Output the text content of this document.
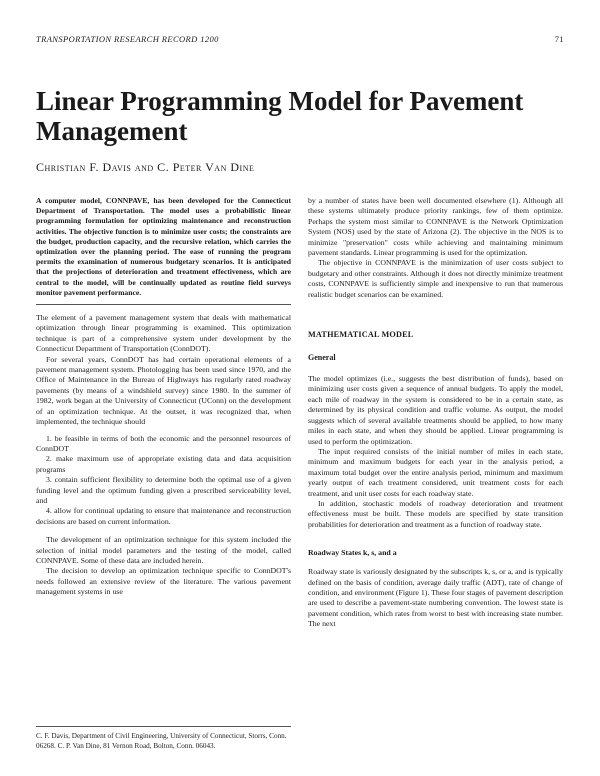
TRANSPORTATION RESEARCH RECORD 1200	71
Linear Programming Model for Pavement Management
Christian F. Davis and C. Peter Van Dine

A computer model, CONNPAVE, has been developed for the Connecticut Department of Transportation. The model uses a probabilistic linear programming formulation for optimizing maintenance and reconstruction activities. The objective function is to minimize user costs; the constraints are the budget, production capacity, and the recursive relation, which carries the optimization over the planning period. The ease of running the program permits the examination of numerous budgetary scenarios. It is anticipated that the projections of deterioration and treatment effectiveness, which are central to the model, will be continually updated as routine field surveys monitor pavement performance.

The element of a pavement management system that deals with mathematical optimization through linear programming is examined. This optimization technique is part of a comprehensive system under development by the Connecticut Department of Transportation (ConnDOT).

For several years, ConnDOT has had certain operational elements of a pavement management system. Photologging has been used since 1970, and the Office of Maintenance in the Bureau of Highways has regularly rated roadway pavements (by means of a windshield survey) since 1980. In the summer of 1982, work began at the University of Connecticut (UConn) on the development of an optimization technique. At the outset, it was recognized that, when implemented, the technique should

1. be feasible in terms of both the economic and the personnel resources of ConnDOT
2. make maximum use of appropriate existing data and data acquisition programs
3. contain sufficient flexibility to determine both the optimal use of a given funding level and the optimum funding given a prescribed serviceability level, and
4. allow for continual updating to ensure that maintenance and reconstruction decisions are based on current information.

The development of an optimization technique for this system included the selection of initial model parameters and the testing of the model, called CONNPAVE. Some of these data are included herein.

The decision to develop an optimization technique specific to ConnDOT's needs followed an extensive review of the literature. The various pavement management systems in use

C. F. Davis, Department of Civil Engineering, University of Connecticut, Storrs, Conn. 06268. C. P. Van Dine, 81 Vernon Road, Bolton, Conn. 06043.

by a number of states have been well documented elsewhere (1). Although all these systems ultimately produce priority rankings, few of them optimize. Perhaps the system most similar to CONNPAVE is the Network Optimization System (NOS) used by the state of Arizona (2). The objective in the NOS is to minimize "preservation" costs while achieving and maintaining minimum pavement standards. Linear programming is used for the optimization.

The objective in CONNPAVE is the minimization of user costs subject to budgetary and other constraints. Although it does not directly minimize treatment costs, CONNPAVE is sufficiently simple and inexpensive to run that numerous realistic budget scenarios can be examined.

MATHEMATICAL MODEL
General

The model optimizes (i.e., suggests the best distribution of funds), based on minimizing user costs given a sequence of annual budgets. To apply the model, each mile of roadway in the system is considered to be in a certain state, as determined by its physical condition and traffic volume. As output, the model suggests which of several available treatments should be applied, to how many miles in each state, and when they should be applied. Linear programming is used to perform the optimization.

The input required consists of the initial number of miles in each state, minimum and maximum budgets for each year in the analysis period, a maximum total budget over the entire analysis period, minimum and maximum yearly output of each treatment considered, unit treatment costs for each treatment, and unit user costs for each roadway state.

In addition, stochastic models of roadway deterioration and treatment effectiveness must be built. These models are specified by state transition probabilities for deterioration and treatment as a function of roadway state.

Roadway States k, s, and a

Roadway state is variously designated by the subscripts k, s, or a, and is typically defined on the basis of condition, average daily traffic (ADT), rate of change of condition, and environment (Figure 1). These four stages of pavement description are used to describe a pavement-state numbering convention. The lowest state is pavement condition, which rates from worst to best with increasing state number. The next
